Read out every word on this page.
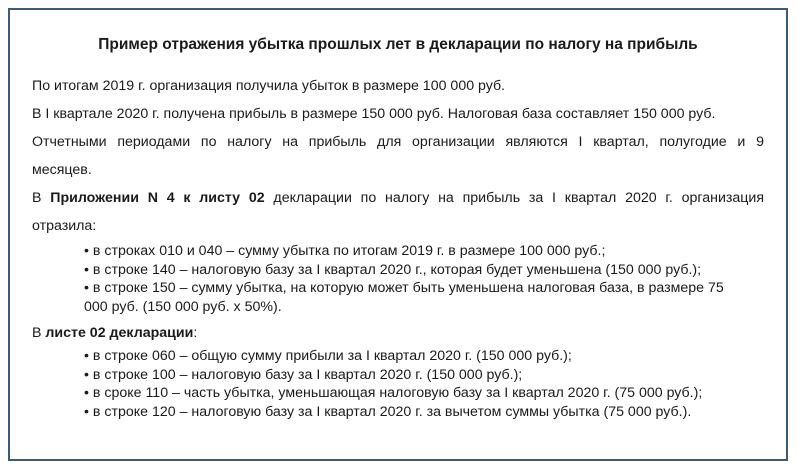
Пример отражения убытка прошлых лет в декларации по налогу на прибыль
По итогам 2019 г. организация получила убыток в размере 100 000 руб.
В I квартале 2020 г. получена прибыль в размере 150 000 руб. Налоговая база составляет 150 000 руб.
Отчетными периодами по налогу на прибыль для организации являются I квартал, полугодие и 9
месяцев.
В Приложении N 4 к листу 02 декларации по налогу на прибыль за I квартал 2020 г. организация
отразила:
• в строках 010 и 040 – сумму убытка по итогам 2019 г. в размере 100 000 руб.;
• в строке 140 – налоговую базу за I квартал 2020 г., которая будет уменьшена (150 000 руб.);
• в строке 150 – сумму убытка, на которую может быть уменьшена налоговая база, в размере 75
000 руб. (150 000 руб. x 50%).
В листе 02 декларации:
• в строке 060 – общую сумму прибыли за I квартал 2020 г. (150 000 руб.);
• в строке 100 – налоговую базу за I квартал 2020 г. (150 000 руб.);
• в сроке 110 – часть убытка, уменьшающая налоговую базу за I квартал 2020 г. (75 000 руб.);
• в строке 120 – налоговую базу за I квартал 2020 г. за вычетом суммы убытка (75 000 руб.).
